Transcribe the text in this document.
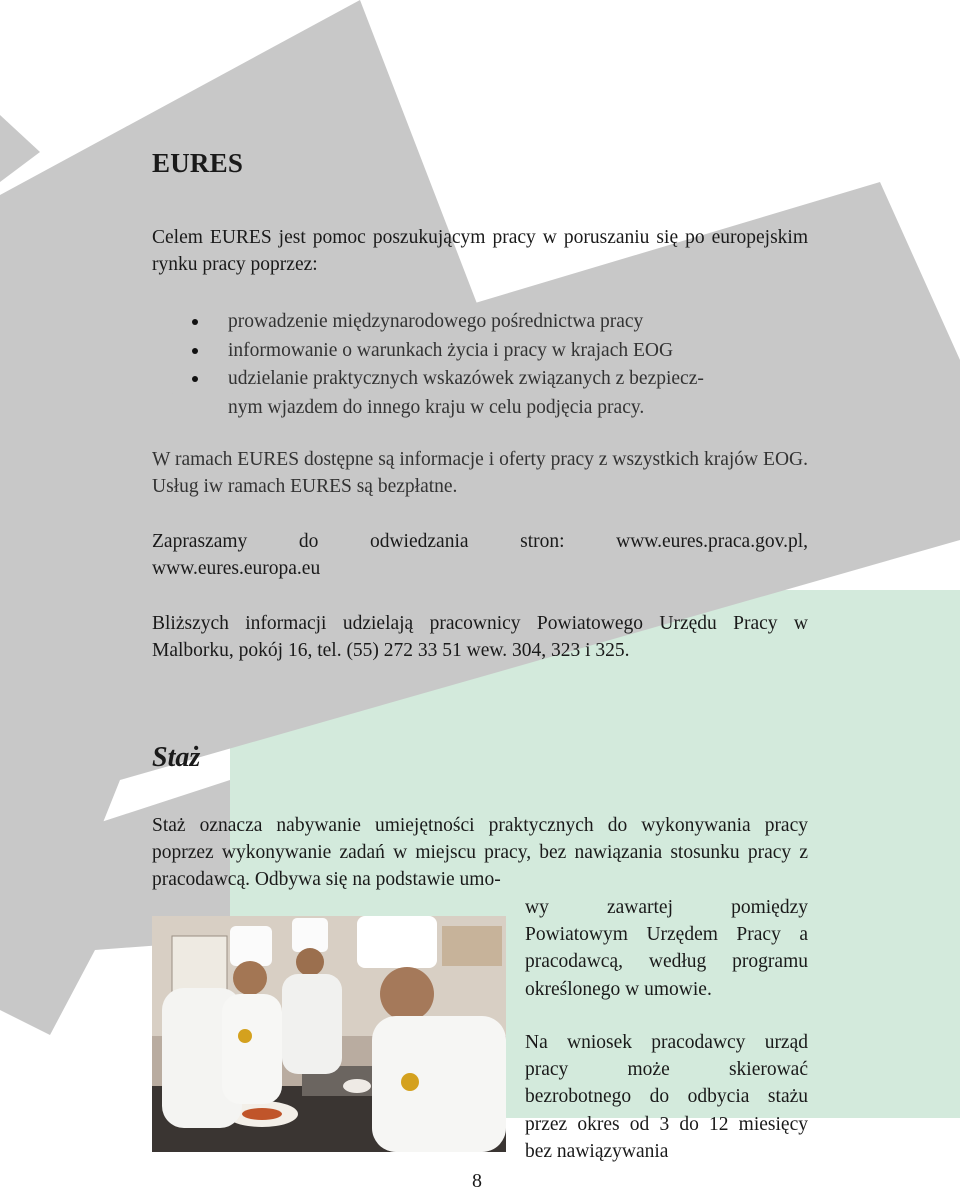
EURES

Celem EURES jest pomoc poszukującym pracy w poruszaniu się po europejskim rynku pracy poprzez:

prowadzenie międzynarodowego pośrednictwa pracy
informowanie o warunkach życia i pracy w krajach EOG
udzielanie praktycznych wskazówek związanych z bezpiecz-
nym wjazdem do innego kraju w celu podjęcia pracy.

W ramach EURES dostępne są informacje i oferty pracy z wszystkich krajów EOG. Usług iw ramach EURES są bezpłatne.

Zapraszamy do odwiedzania stron: www.eures.praca.gov.pl,

www.eures.europa.eu

Bliższych informacji udzielają pracownicy Powiatowego Urzędu Pracy w Malborku, pokój 16, tel. (55) 272 33 51 wew. 304, 323 i 325.

Staż

Staż oznacza nabywanie umiejętności praktycznych do wykonywania pracy poprzez wykonywanie zadań w miejscu pracy, bez nawiązania stosunku pracy z pracodawcą. Odbywa się na podstawie umo-

wy zawartej pomiędzy Powiatowym Urzędem Pracy a pracodawcą, według programu określonego w umowie.

Na wniosek pracodawcy urząd pracy może skierować bezrobotnego do odbycia stażu przez okres od 3 do 12 miesięcy bez nawiązywania

8
